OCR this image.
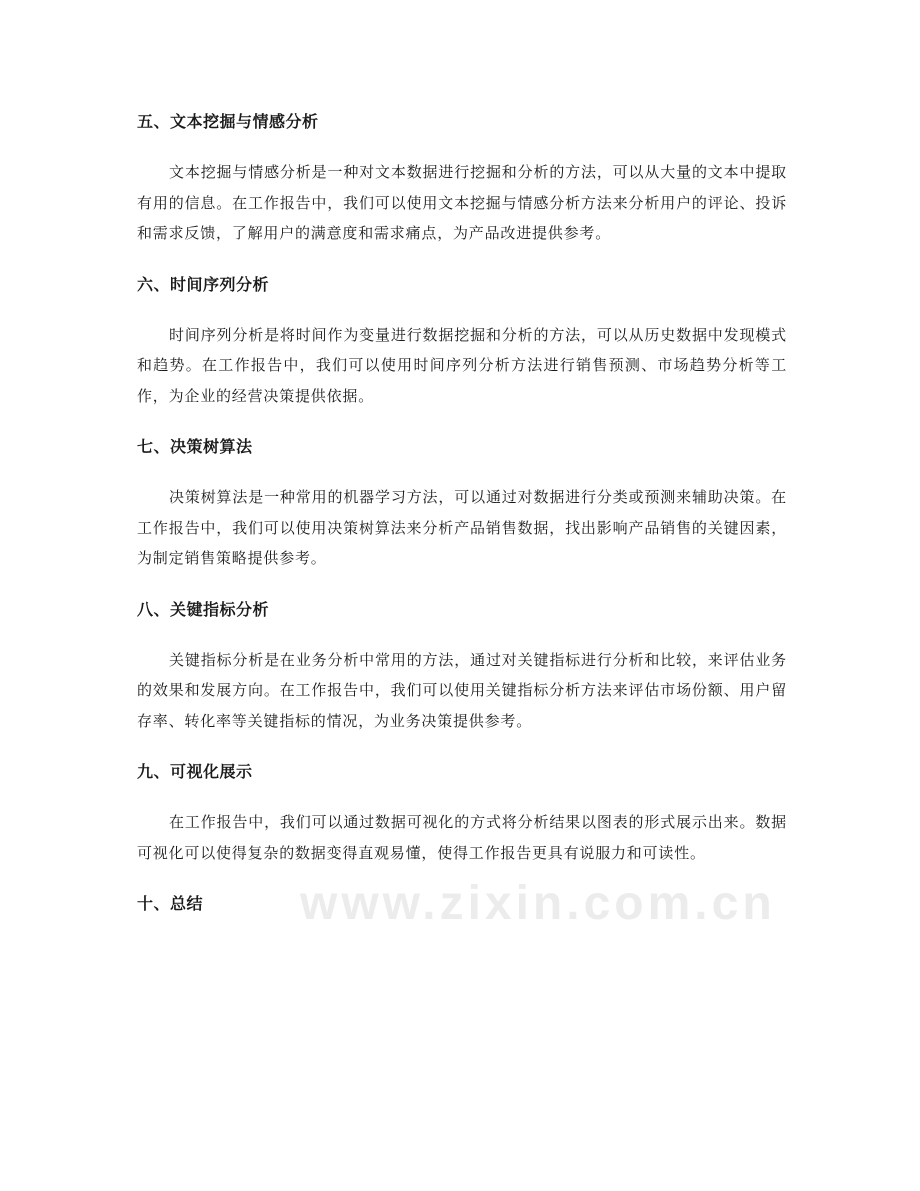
五、文本挖掘与情感分析

文本挖掘与情感分析是一种对文本数据进行挖掘和分析的方法，可以从大量的文本中提取有用的信息。在工作报告中，我们可以使用文本挖掘与情感分析方法来分析用户的评论、投诉和需求反馈，了解用户的满意度和需求痛点，为产品改进提供参考。

六、时间序列分析

时间序列分析是将时间作为变量进行数据挖掘和分析的方法，可以从历史数据中发现模式和趋势。在工作报告中，我们可以使用时间序列分析方法进行销售预测、市场趋势分析等工作，为企业的经营决策提供依据。

七、决策树算法

决策树算法是一种常用的机器学习方法，可以通过对数据进行分类或预测来辅助决策。在工作报告中，我们可以使用决策树算法来分析产品销售数据，找出影响产品销售的关键因素，为制定销售策略提供参考。

八、关键指标分析

关键指标分析是在业务分析中常用的方法，通过对关键指标进行分析和比较，来评估业务的效果和发展方向。在工作报告中，我们可以使用关键指标分析方法来评估市场份额、用户留存率、转化率等关键指标的情况，为业务决策提供参考。

九、可视化展示

在工作报告中，我们可以通过数据可视化的方式将分析结果以图表的形式展示出来。数据可视化可以使得复杂的数据变得直观易懂，使得工作报告更具有说服力和可读性。

十、总结	www.zixin.com.cn
